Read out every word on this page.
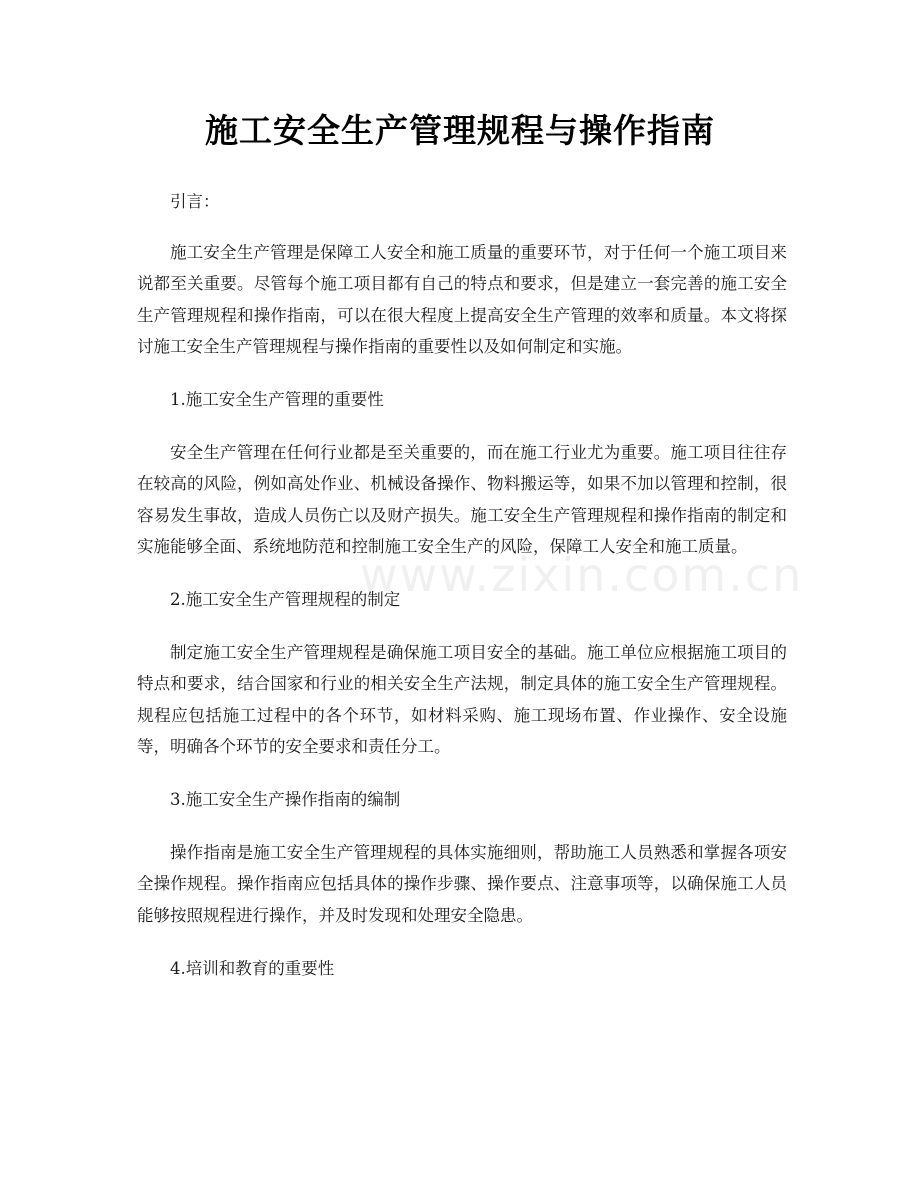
施工安全生产管理规程与操作指南

引言：

施工安全生产管理是保障工人安全和施工质量的重要环节，对于任何一个施工项目来说都至关重要。尽管每个施工项目都有自己的特点和要求，但是建立一套完善的施工安全生产管理规程和操作指南，可以在很大程度上提高安全生产管理的效率和质量。本文将探讨施工安全生产管理规程与操作指南的重要性以及如何制定和实施。

1.施工安全生产管理的重要性

安全生产管理在任何行业都是至关重要的，而在施工行业尤为重要。施工项目往往存在较高的风险，例如高处作业、机械设备操作、物料搬运等，如果不加以管理和控制，很容易发生事故，造成人员伤亡以及财产损失。施工安全生产管理规程和操作指南的制定和实施能够全面、系统地防范和控制施工安全生产的风险，保障工人安全和施工质量。

2.施工安全生产管理规程的制定

制定施工安全生产管理规程是确保施工项目安全的基础。施工单位应根据施工项目的特点和要求，结合国家和行业的相关安全生产法规，制定具体的施工安全生产管理规程。规程应包括施工过程中的各个环节，如材料采购、施工现场布置、作业操作、安全设施等，明确各个环节的安全要求和责任分工。

3.施工安全生产操作指南的编制

操作指南是施工安全生产管理规程的具体实施细则，帮助施工人员熟悉和掌握各项安全操作规程。操作指南应包括具体的操作步骤、操作要点、注意事项等，以确保施工人员能够按照规程进行操作，并及时发现和处理安全隐患。

4.培训和教育的重要性

www.zixin.com.cn
